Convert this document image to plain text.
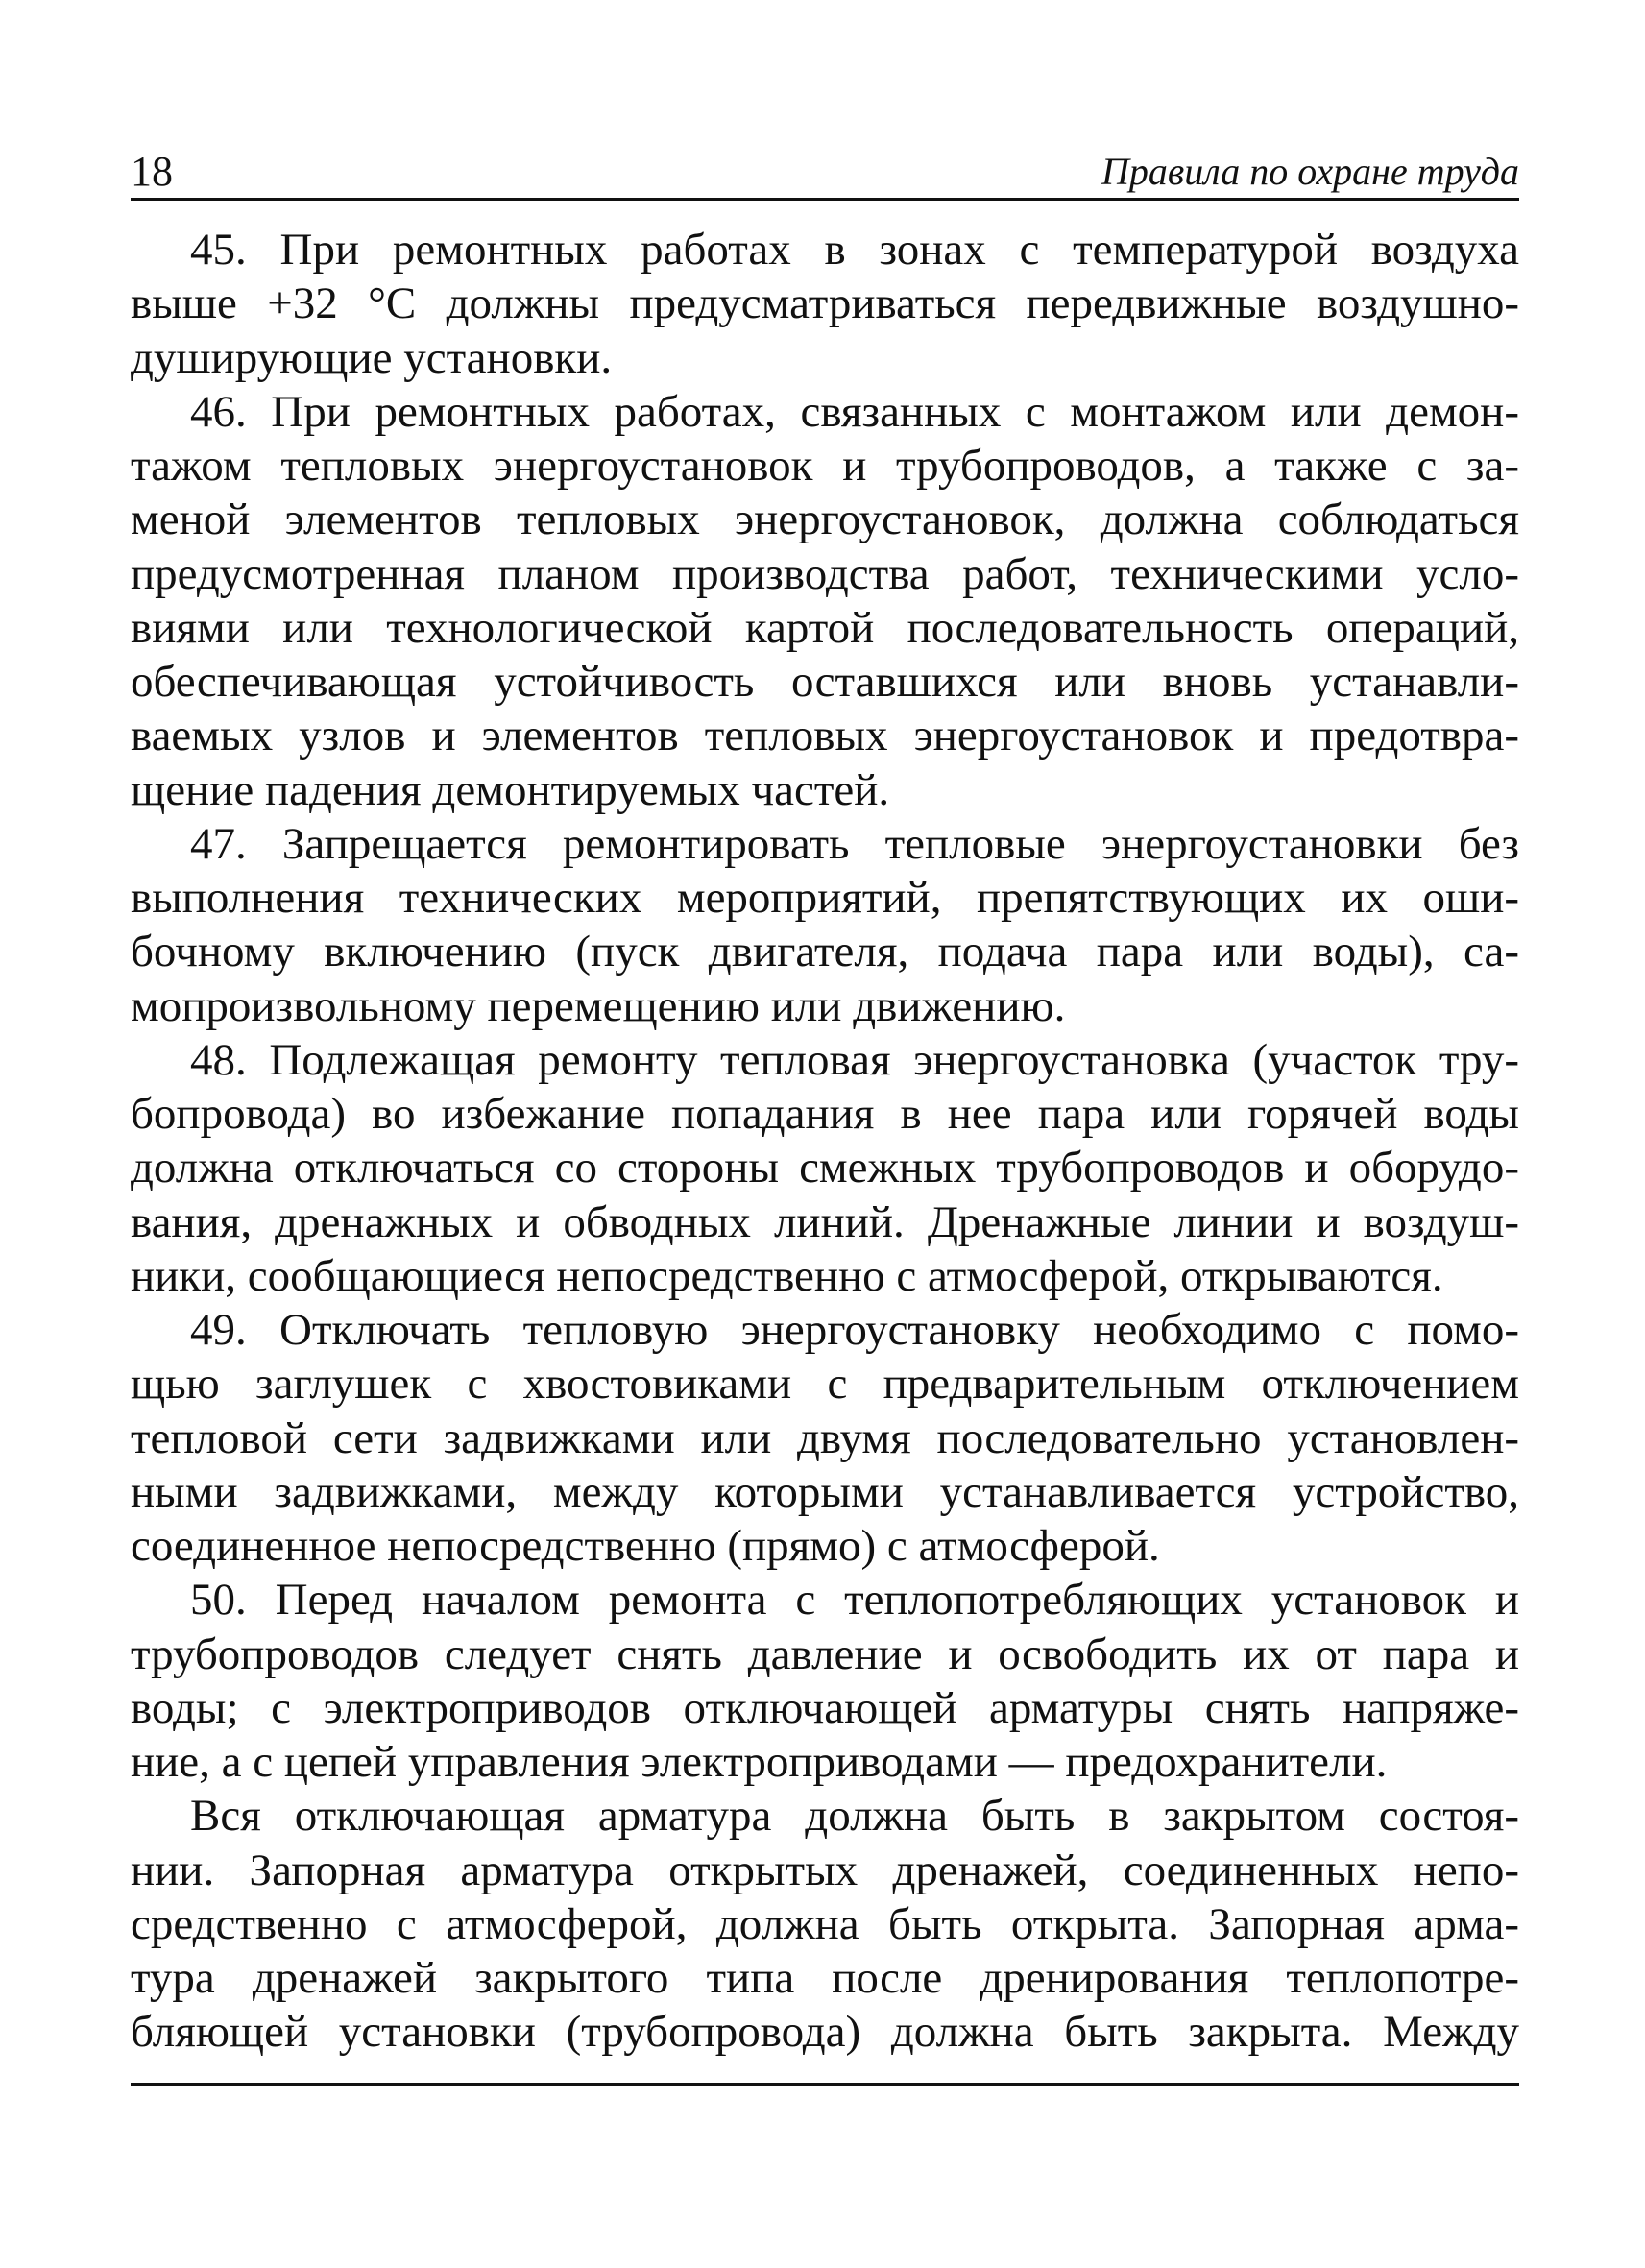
18	Правила по охране труда

45. При ремонтных работах в зонах с температурой воздуха
выше +32 °С должны предусматриваться передвижные воздушно-
душирующие установки.

46. При ремонтных работах, связанных с монтажом или демон-
тажом тепловых энергоустановок и трубопроводов, а также с за-
меной элементов тепловых энергоустановок, должна соблюдаться
предусмотренная планом производства работ, техническими усло-
виями или технологической картой последовательность операций,
обеспечивающая устойчивость оставшихся или вновь устанавли-
ваемых узлов и элементов тепловых энергоустановок и предотвра-
щение падения демонтируемых частей.

47. Запрещается ремонтировать тепловые энергоустановки без
выполнения технических мероприятий, препятствующих их оши-
бочному включению (пуск двигателя, подача пара или воды), са-
мопроизвольному перемещению или движению.

48. Подлежащая ремонту тепловая энергоустановка (участок тру-
бопровода) во избежание попадания в нее пара или горячей воды
должна отключаться со стороны смежных трубопроводов и оборудо-
вания, дренажных и обводных линий. Дренажные линии и воздуш-
ники, сообщающиеся непосредственно с атмосферой, открываются.

49. Отключать тепловую энергоустановку необходимо с помо-
щью заглушек с хвостовиками с предварительным отключением
тепловой сети задвижками или двумя последовательно установлен-
ными задвижками, между которыми устанавливается устройство,
соединенное непосредственно (прямо) с атмосферой.

50. Перед началом ремонта с теплопотребляющих установок и
трубопроводов следует снять давление и освободить их от пара и
воды; с электроприводов отключающей арматуры снять напряже-
ние, а с цепей управления электроприводами — предохранители.

Вся отключающая арматура должна быть в закрытом состоя-
нии. Запорная арматура открытых дренажей, соединенных непо-
средственно с атмосферой, должна быть открыта. Запорная арма-
тура дренажей закрытого типа после дренирования теплопотре-
бляющей установки (трубопровода) должна быть закрыта. Между
